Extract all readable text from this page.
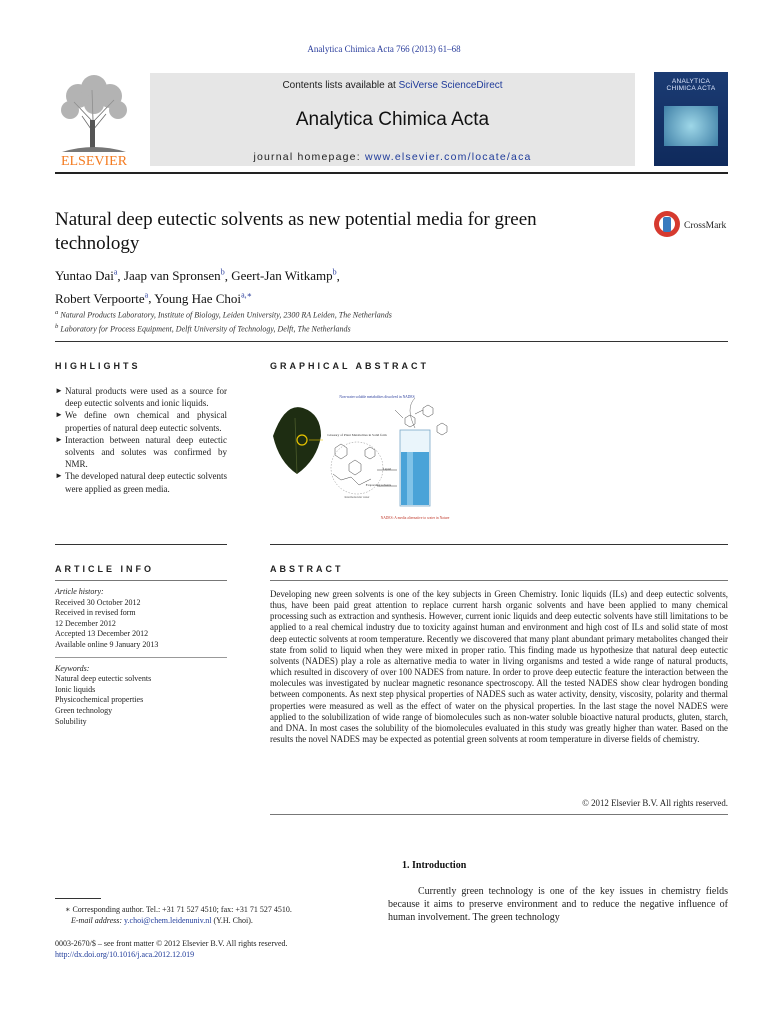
Analytica Chimica Acta 766 (2013) 61–68
ELSEVIER
Contents lists available at SciVerse ScienceDirect
Analytica Chimica Acta
journal homepage: www.elsevier.com/locate/aca
ANALYTICA CHIMICA ACTA
Natural deep eutectic solvents as new potential media for green technology
CrossMark
Yuntao Dai$^a$, Jaap van Spronsen$^b$, Geert-Jan Witkamp$^b$,
Robert Verpoorte$^a$, Young Hae Choi$^{a,∗}$
$^a$ Natural Products Laboratory, Institute of Biology, Leiden University, 2300 RA Leiden, The Netherlands
$^b$ Laboratory for Process Equipment, Delft University of Technology, Delft, The Netherlands
HIGHLIGHTS
► Natural products were used as a source for deep eutectic solvents and ionic liquids.
► We define own chemical and physical properties of natural deep eutectic solvents.
► Interaction between natural deep eutectic solvents and solutes was confirmed by NMR.
► The developed natural deep eutectic solvents were applied as green media.
GRAPHICAL ABSTRACT
Non-water soluble metabolites dissolved in NADES
Glossary of Plant Metabolites in Solid form
Intermolecular water
Liquid
Evaporating solvents
NADES: A media alternative to water in Nature
ARTICLE INFO
Article history:
Received 30 October 2012
Received in revised form
12 December 2012
Accepted 13 December 2012
Available online 9 January 2013
Keywords:
Natural deep eutectic solvents
Ionic liquids
Physicochemical properties
Green technology
Solubility
ABSTRACT
Developing new green solvents is one of the key subjects in Green Chemistry. Ionic liquids (ILs) and deep eutectic solvents, thus, have been paid great attention to replace current harsh organic solvents and have been applied to many chemical processing such as extraction and synthesis. However, current ionic liquids and deep eutectic solvents have still limitations to be applied to a real chemical industry due to toxicity against human and environment and high cost of ILs and solid state of most deep eutectic solvents at room temperature. Recently we discovered that many plant abundant primary metabolites changed their state from solid to liquid when they were mixed in proper ratio. This finding made us hypothesize that natural deep eutectic solvents (NADES) play a role as alternative media to water in living organisms and tested a wide range of natural products, which resulted in discovery of over 100 NADES from nature. In order to prove deep eutectic feature the interaction between the molecules was investigated by nuclear magnetic resonance spectroscopy. All the tested NADES show clear hydrogen bonding between components. As next step physical properties of NADES such as water activity, density, viscosity, polarity and thermal properties were measured as well as the effect of water on the physical properties. In the last stage the novel NADES were applied to the solubilization of wide range of biomolecules such as non-water soluble bioactive natural products, gluten, starch, and DNA. In most cases the solubility of the biomolecules evaluated in this study was greatly higher than water. Based on the results the novel NADES may be expected as potential green solvents at room temperature in diverse fields of chemistry.
© 2012 Elsevier B.V. All rights reserved.
1. Introduction
Currently green technology is one of the key issues in chemistry fields because it aims to preserve environment and to reduce the negative influence of human involvement. The green technology
∗ Corresponding author. Tel.: +31 71 527 4510; fax: +31 71 527 4510.
E-mail address: y.choi@chem.leidenuniv.nl (Y.H. Choi).
0003-2670/$ – see front matter © 2012 Elsevier B.V. All rights reserved.
http://dx.doi.org/10.1016/j.aca.2012.12.019
